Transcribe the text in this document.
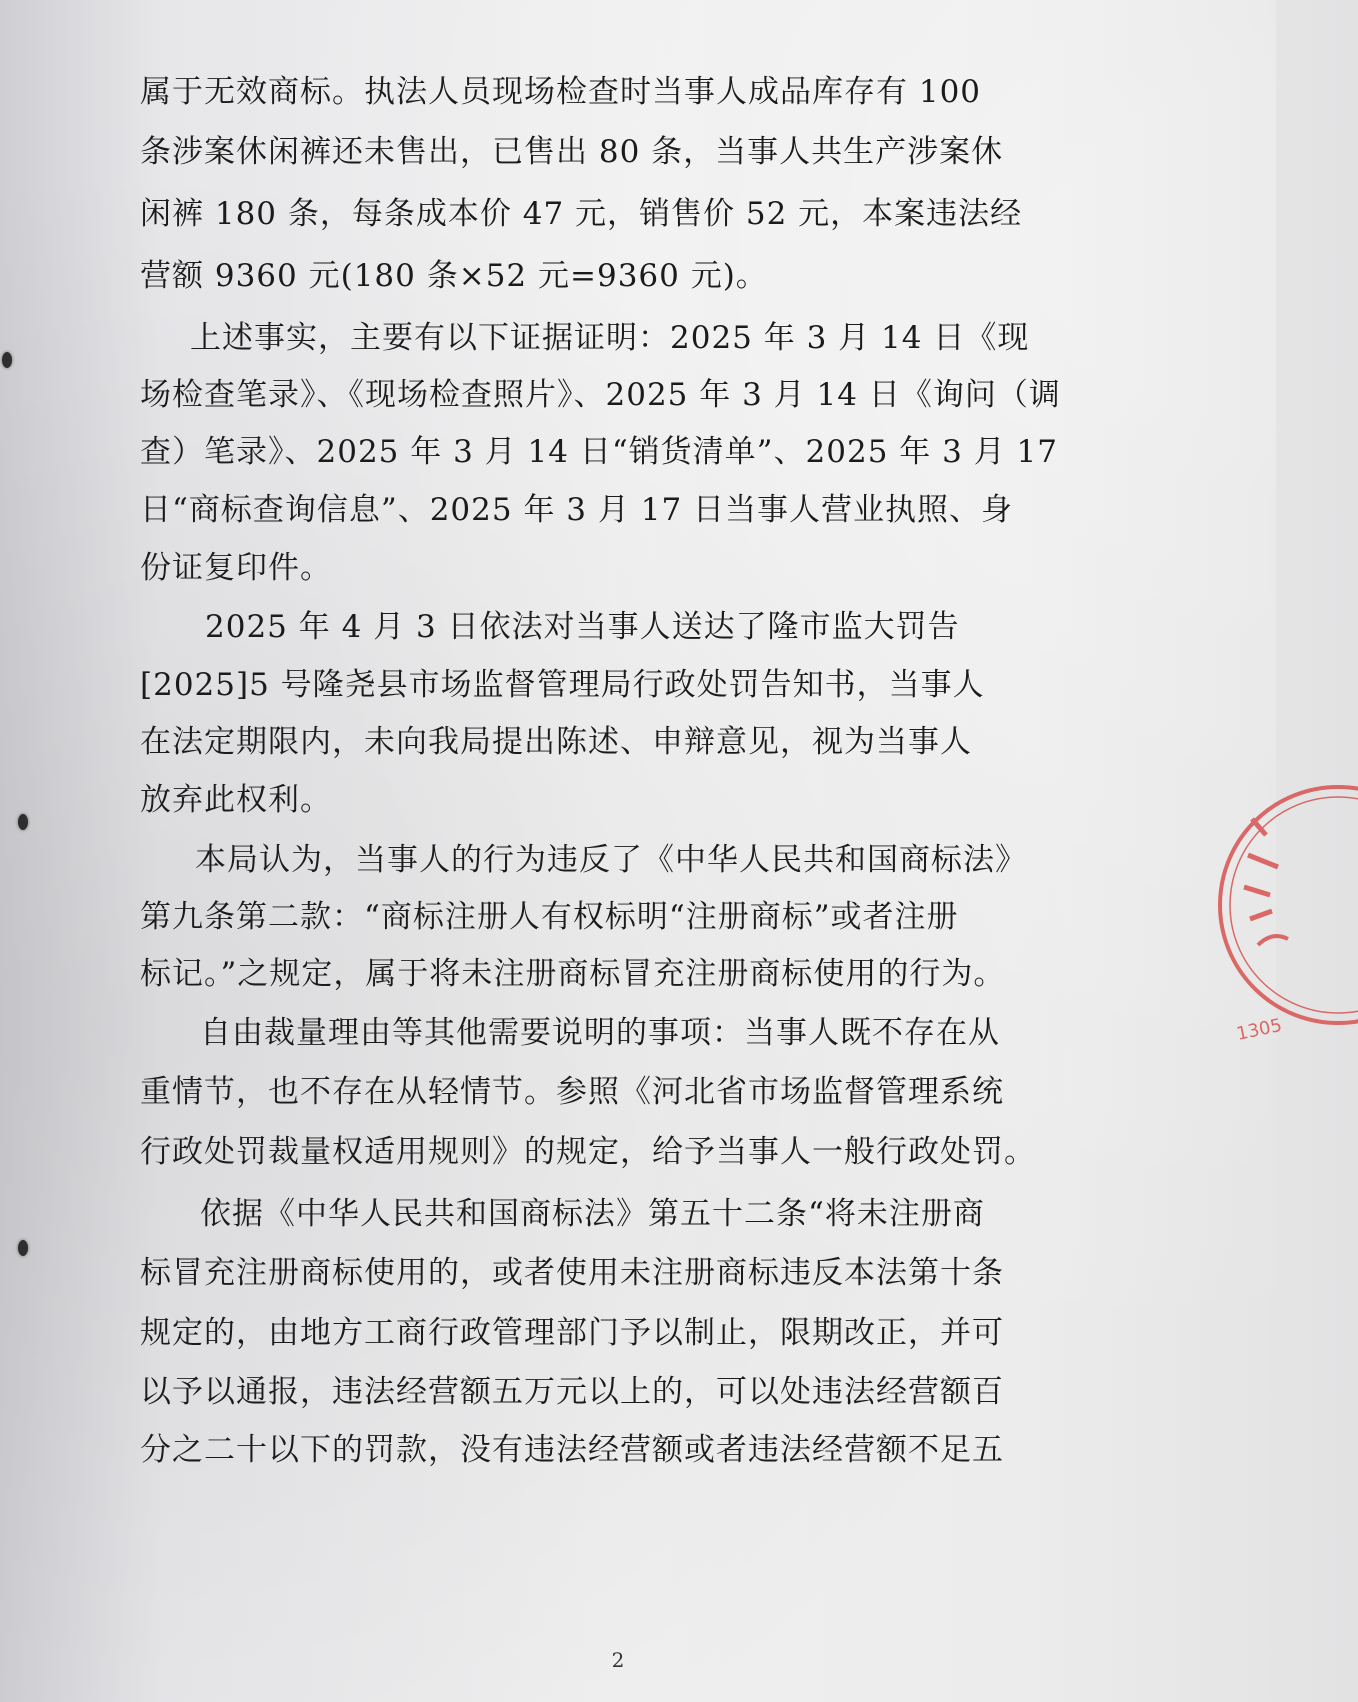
属于无效商标。执法人员现场检查时当事人成品库存有 100
条涉案休闲裤还未售出，已售出 80 条，当事人共生产涉案休
闲裤 180 条，每条成本价 47 元，销售价 52 元，本案违法经
营额 9360 元(180 条×52 元=9360 元)。
上述事实，主要有以下证据证明：2025 年 3 月 14 日《现
场检查笔录》、《现场检查照片》、2025 年 3 月 14 日《询问（调
查）笔录》、2025 年 3 月 14 日“销货清单”、2025 年 3 月 17
日“商标查询信息”、2025 年 3 月 17 日当事人营业执照、身
份证复印件。
2025 年 4 月 3 日依法对当事人送达了隆市监大罚告
[2025]5 号隆尧县市场监督管理局行政处罚告知书，当事人
在法定期限内，未向我局提出陈述、申辩意见，视为当事人
放弃此权利。
本局认为，当事人的行为违反了《中华人民共和国商标法》
第九条第二款：“商标注册人有权标明“注册商标”或者注册
标记。”之规定，属于将未注册商标冒充注册商标使用的行为。
自由裁量理由等其他需要说明的事项：当事人既不存在从
重情节，也不存在从轻情节。参照《河北省市场监督管理系统
行政处罚裁量权适用规则》的规定，给予当事人一般行政处罚。
依据《中华人民共和国商标法》第五十二条“将未注册商
标冒充注册商标使用的，或者使用未注册商标违反本法第十条
规定的，由地方工商行政管理部门予以制止，限期改正，并可
以予以通报，违法经营额五万元以上的，可以处违法经营额百
分之二十以下的罚款，没有违法经营额或者违法经营额不足五
2
1305
